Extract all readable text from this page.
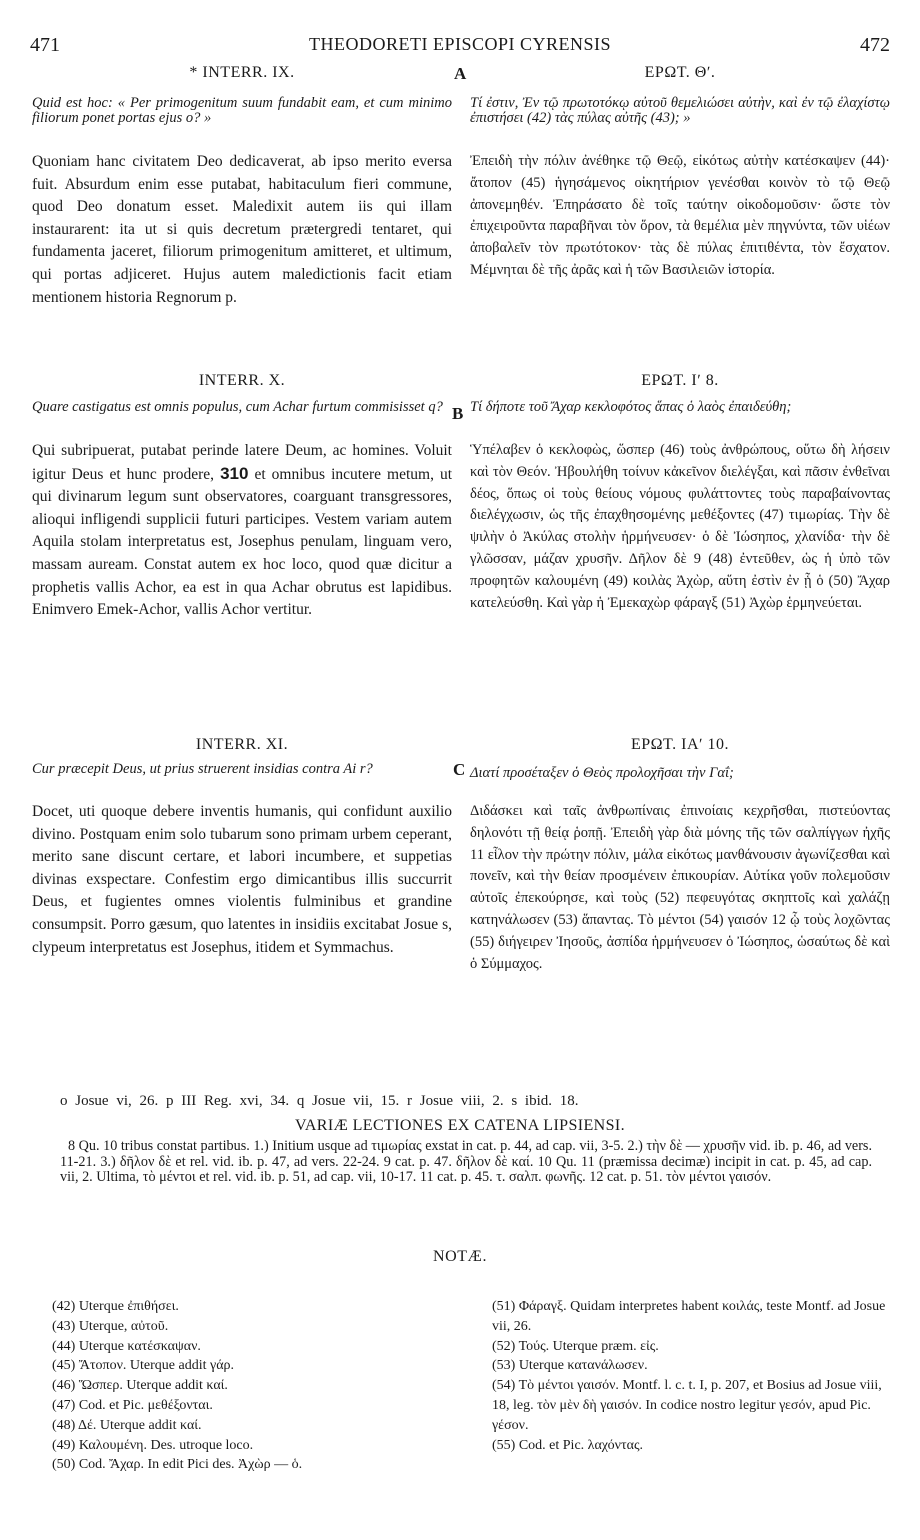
471	THEODORETI EPISCOPI CYRENSIS	472
A
B
C
* INTERR. IX.
Quid est hoc: « Per primogenitum suum fundabit eam, et cum minimo filiorum ponet portas ejus o? »
Quoniam hanc civitatem Deo dedicaverat, ab ipso merito eversa fuit. Absurdum enim esse putabat, habitaculum fieri commune, quod Deo donatum esset. Maledixit autem iis qui illam instaurarent: ita ut si quis decretum prætergredi tentaret, qui fundamenta jaceret, filiorum primogenitum amitteret, et ultimum, qui portas adjiceret. Hujus autem maledictionis facit etiam mentionem historia Regnorum p.
INTERR. X.
Quare castigatus est omnis populus, cum Achar furtum commisisset q?
Qui subripuerat, putabat perinde latere Deum, ac homines. Voluit igitur Deus et hunc prodere, 310 et omnibus incutere metum, ut qui divinarum legum sunt observatores, coarguant transgressores, alioqui infligendi supplicii futuri participes. Vestem variam autem Aquila stolam interpretatus est, Josephus penulam, linguam vero, massam auream. Constat autem ex hoc loco, quod quæ dicitur a prophetis vallis Achor, ea est in qua Achar obrutus est lapidibus. Enimvero Emek-Achor, vallis Achor vertitur.
INTERR. XI.
Cur præcepit Deus, ut prius struerent insidias contra Ai r?
Docet, uti quoque debere inventis humanis, qui confidunt auxilio divino. Postquam enim solo tubarum sono primam urbem ceperant, merito sane discunt certare, et labori incumbere, et suppetias divinas exspectare. Confestim ergo dimicantibus illis succurrit Deus, et fugientes omnes violentis fulminibus et grandine consumpsit. Porro gæsum, quo latentes in insidiis excitabat Josue s, clypeum interpretatus est Josephus, itidem et Symmachus.
ΕΡΩΤ. Θʹ.
Τί ἐστιν, Ἐν τῷ πρωτοτόκῳ αὐτοῦ θεμελιώσει αὐτὴν, καὶ ἐν τῷ ἐλαχίστῳ ἐπιστήσει (42) τὰς πύλας αὐτῆς (43); »
Ἐπειδὴ τὴν πόλιν ἀνέθηκε τῷ Θεῷ, εἰκότως αὐτὴν κατέσκαψεν (44)· ἄτοπον (45) ἡγησάμενος οἰκητήριον γενέσθαι κοινὸν τὸ τῷ Θεῷ ἀπονεμηθέν. Ἐπηράσατο δὲ τοῖς ταύτην οἰκοδομοῦσιν· ὥστε τὸν ἐπιχειροῦντα παραβῆναι τὸν ὅρον, τὰ θεμέλια μὲν πηγνύντα, τῶν υἱέων ἀποβαλεῖν τὸν πρωτότοκον· τὰς δὲ πύλας ἐπιτιθέντα, τὸν ἔσχατον. Μέμνηται δὲ τῆς ἀρᾶς καὶ ἡ τῶν Βασιλειῶν ἱστορία.
ΕΡΩΤ. Ιʹ 8.
Τί δήποτε τοῦ Ἄχαρ κεκλοφότος ἅπας ὁ λαὸς ἐπαιδεύθη;
Ὑπέλαβεν ὁ κεκλοφὼς, ὥσπερ (46) τοὺς ἀνθρώπους, οὕτω δὴ λήσειν καὶ τὸν Θεόν. Ἠβουλήθη τοίνυν κἀκεῖνον διελέγξαι, καὶ πᾶσιν ἐνθεῖναι δέος, ὅπως οἱ τοὺς θείους νόμους φυλάττοντες τοὺς παραβαίνοντας διελέγχωσιν, ὡς τῆς ἐπαχθησομένης μεθέξοντες (47) τιμωρίας. Τὴν δὲ ψιλὴν ὁ Ἀκύλας στολὴν ἡρμήνευσεν· ὁ δὲ Ἰώσηπος, χλανίδα· τὴν δὲ γλῶσσαν, μάζαν χρυσῆν. Δῆλον δὲ 9 (48) ἐντεῦθεν, ὡς ἡ ὑπὸ τῶν προφητῶν καλουμένη (49) κοιλὰς Ἀχὼρ, αὕτη ἐστὶν ἐν ᾗ ὁ (50) Ἄχαρ κατελεύσθη. Καὶ γὰρ ἡ Ἐμεκαχὼρ φάραγξ (51) Ἀχὼρ ἑρμηνεύεται.
ΕΡΩΤ. ΙΑʹ 10.
Διατί προσέταξεν ὁ Θεὸς προλοχῆσαι τὴν Γαΐ;
Διδάσκει καὶ ταῖς ἀνθρωπίναις ἐπινοίαις κεχρῆσθαι, πιστεύοντας δηλονότι τῇ θείᾳ ῥοπῇ. Ἐπειδὴ γὰρ διὰ μόνης τῆς τῶν σαλπίγγων ἠχῆς 11 εἷλον τὴν πρώτην πόλιν, μάλα εἰκότως μανθάνουσιν ἀγωνίζεσθαι καὶ πονεῖν, καὶ τὴν θείαν προσμένειν ἐπικουρίαν. Αὐτίκα γοῦν πολεμοῦσιν αὐτοῖς ἐπεκούρησε, καὶ τοὺς (52) πεφευγότας σκηπτοῖς καὶ χαλάζῃ κατηνάλωσεν (53) ἅπαντας. Τὸ μέντοι (54) γαισόν 12 ᾧ τοὺς λοχῶντας (55) διήγειρεν Ἰησοῦς, ἀσπίδα ἡρμήνευσεν ὁ Ἰώσηπος, ὡσαύτως δὲ καὶ ὁ Σύμμαχος.
o Josue vi, 26. p III Reg. xvi, 34. q Josue vii, 15. r Josue viii, 2. s ibid. 18.
VARIÆ LECTIONES EX CATENA LIPSIENSI.
8 Qu. 10 tribus constat partibus. 1.) Initium usque ad τιμωρίας exstat in cat. p. 44, ad cap. vii, 3-5. 2.) τὴν δὲ — χρυσῆν vid. ib. p. 46, ad vers. 11-21. 3.) δῆλον δὲ et rel. vid. ib. p. 47, ad vers. 22-24. 9 cat. p. 47. δῆλον δὲ καί. 10 Qu. 11 (præmissa decimæ) incipit in cat. p. 45, ad cap. vii, 2. Ultima, τὸ μέντοι et rel. vid. ib. p. 51, ad cap. vii, 10-17. 11 cat. p. 45. τ. σαλπ. φωνῆς. 12 cat. p. 51. τὸν μέντοι γαισόν.
NOTÆ.
(42) Uterque ἐπιθήσει.
(43) Uterque, αὐτοῦ.
(44) Uterque κατέσκαψαν.
(45) Ἄτοπον. Uterque addit γάρ.
(46) Ὥσπερ. Uterque addit καί.
(47) Cod. et Pic. μεθέξονται.
(48) Δέ. Uterque addit καί.
(49) Καλουμένη. Des. utroque loco.
(50) Cod. Ἄχαρ. In edit Pici des. Ἀχὼρ — ὁ.
(51) Φάραγξ. Quidam interpretes habent κοιλάς, teste Montf. ad Josue vii, 26.
(52) Τούς. Uterque præm. εἰς.
(53) Uterque κατανάλωσεν.
(54) Τὸ μέντοι γαισόν. Montf. l. c. t. I, p. 207, et Bosius ad Josue viii, 18, leg. τὸν μὲν δὴ γαισόν. In codice nostro legitur γεσόν, apud Pic. γέσον.
(55) Cod. et Pic. λαχόντας.
